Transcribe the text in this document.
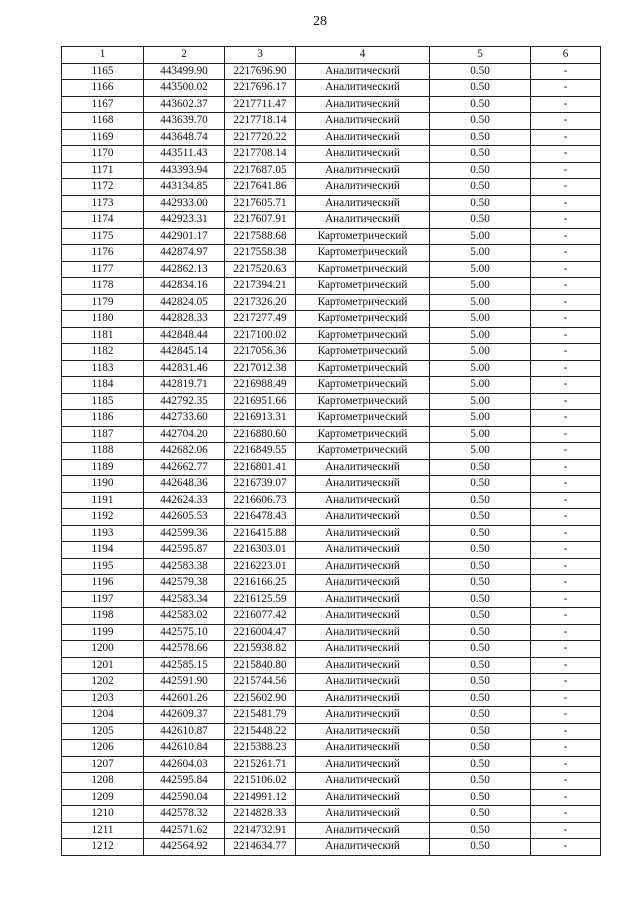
28
1	2	3	4	5	6
1165	443499.90	2217696.90	Аналитический	0.50	-
1166	443500.02	2217696.17	Аналитический	0.50	-
1167	443602.37	2217711.47	Аналитический	0.50	-
1168	443639.70	2217718.14	Аналитический	0.50	-
1169	443648.74	2217720.22	Аналитический	0.50	-
1170	443511.43	2217708.14	Аналитический	0.50	-
1171	443393.94	2217687.05	Аналитический	0.50	-
1172	443134.85	2217641.86	Аналитический	0.50	-
1173	442933.00	2217605.71	Аналитический	0.50	-
1174	442923.31	2217607.91	Аналитический	0.50	-
1175	442901.17	2217588.68	Картометрический	5.00	-
1176	442874.97	2217558.38	Картометрический	5.00	-
1177	442862.13	2217520.63	Картометрический	5.00	-
1178	442834.16	2217394.21	Картометрический	5.00	-
1179	442824.05	2217326.20	Картометрический	5.00	-
1180	442828.33	2217277.49	Картометрический	5.00	-
1181	442848.44	2217100.02	Картометрический	5.00	-
1182	442845.14	2217056.36	Картометрический	5.00	-
1183	442831.46	2217012.38	Картометрический	5.00	-
1184	442819.71	2216988.49	Картометрический	5.00	-
1185	442792.35	2216951.66	Картометрический	5.00	-
1186	442733.60	2216913.31	Картометрический	5.00	-
1187	442704.20	2216880.60	Картометрический	5.00	-
1188	442682.06	2216849.55	Картометрический	5.00	-
1189	442662.77	2216801.41	Аналитический	0.50	-
1190	442648.36	2216739.07	Аналитический	0.50	-
1191	442624.33	2216606.73	Аналитический	0.50	-
1192	442605.53	2216478.43	Аналитический	0.50	-
1193	442599.36	2216415.88	Аналитический	0.50	-
1194	442595.87	2216303.01	Аналитический	0.50	-
1195	442583.38	2216223.01	Аналитический	0.50	-
1196	442579.38	2216166.25	Аналитический	0.50	-
1197	442583.34	2216125.59	Аналитический	0.50	-
1198	442583.02	2216077.42	Аналитический	0.50	-
1199	442575.10	2216004.47	Аналитический	0.50	-
1200	442578.66	2215938.82	Аналитический	0.50	-
1201	442585.15	2215840.80	Аналитический	0.50	-
1202	442591.90	2215744.56	Аналитический	0.50	-
1203	442601.26	2215602.90	Аналитический	0.50	-
1204	442609.37	2215481.79	Аналитический	0.50	-
1205	442610.87	2215448.22	Аналитический	0.50	-
1206	442610.84	2215388.23	Аналитический	0.50	-
1207	442604.03	2215261.71	Аналитический	0.50	-
1208	442595.84	2215106.02	Аналитический	0.50	-
1209	442590.04	2214991.12	Аналитический	0.50	-
1210	442578.32	2214828.33	Аналитический	0.50	-
1211	442571.62	2214732.91	Аналитический	0.50	-
1212	442564.92	2214634.77	Аналитический	0.50	-
